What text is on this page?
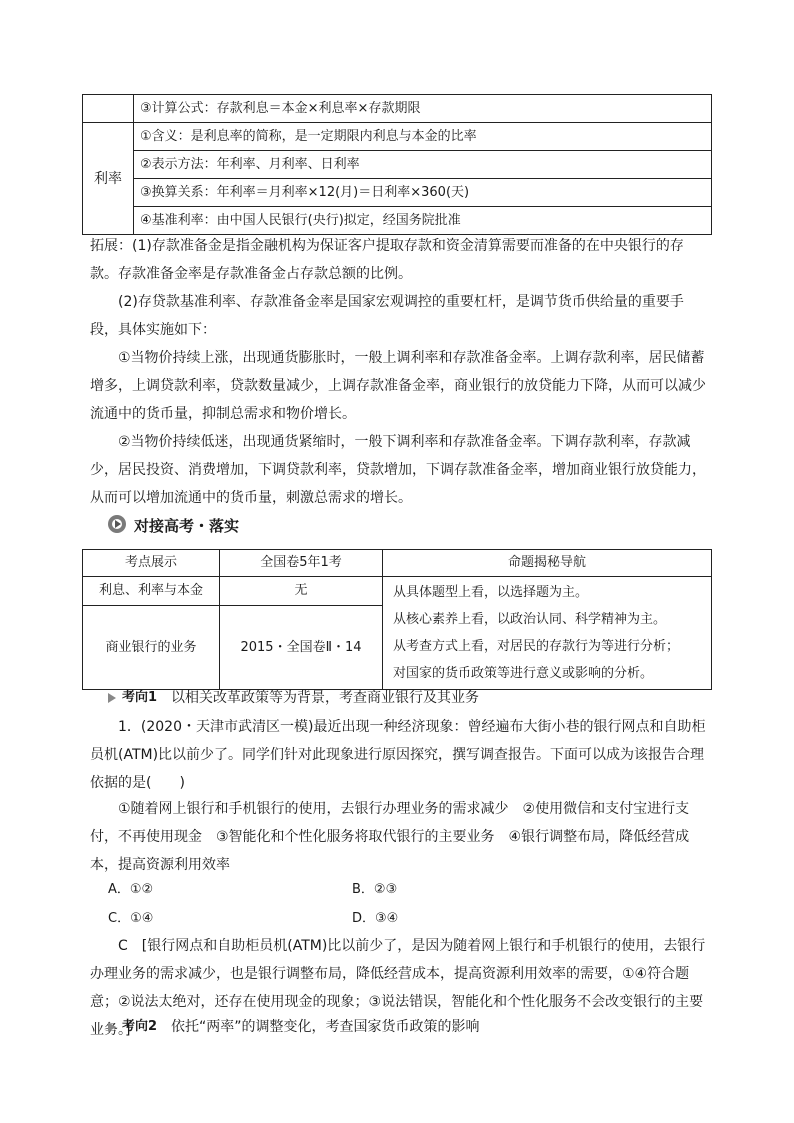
	③计算公式：存款利息＝本金×利息率×存款期限
利率	①含义：是利息率的简称，是一定期限内利息与本金的比率
	②表示方法：年利率、月利率、日利率
	③换算关系：年利率＝月利率×12(月)＝日利率×360(天)
	④基准利率：由中国人民银行(央行)拟定，经国务院批准

拓展：(1)存款准备金是指金融机构为保证客户提取存款和资金清算需要而准备的在中央银行的存款。存款准备金率是存款准备金占存款总额的比例。

(2)存贷款基准利率、存款准备金率是国家宏观调控的重要杠杆，是调节货币供给量的重要手段，具体实施如下：

①当物价持续上涨，出现通货膨胀时，一般上调利率和存款准备金率。上调存款利率，居民储蓄增多，上调贷款利率，贷款数量减少，上调存款准备金率，商业银行的放贷能力下降，从而可以减少流通中的货币量，抑制总需求和物价增长。

②当物价持续低迷，出现通货紧缩时，一般下调利率和存款准备金率。下调存款利率，存款减少，居民投资、消费增加，下调贷款利率，贷款增加，下调存款准备金率，增加商业银行放贷能力，从而可以增加流通中的货币量，刺激总需求的增长。

对接高考・落实
考点展示	全国卷5年1考	命题揭秘导航
利息、利率与本金	无	从具体题型上看，以选择题为主。
从核心素养上看，以政治认同、科学精神为主。
从考查方式上看，对居民的存款行为等进行分析；
对国家的货币政策等进行意义或影响的分析。

商业银行的业务	2015・全国卷Ⅱ・14	
考向1 以相关改革政策等为背景，考查商业银行及其业务

1．(2020・天津市武清区一模)最近出现一种经济现象：曾经遍布大街小巷的银行网点和自助柜员机(ATM)比以前少了。同学们针对此现象进行原因探究，撰写调查报告。下面可以成为该报告合理依据的是(　　)

①随着网上银行和手机银行的使用，去银行办理业务的需求减少　②使用微信和支付宝进行支付，不再使用现金　③智能化和个性化服务将取代银行的主要业务　④银行调整布局，降低经营成本，提高资源利用效率

A．①②	B．②③
C．①④	D．③④

C　[银行网点和自助柜员机(ATM)比以前少了，是因为随着网上银行和手机银行的使用，去银行办理业务的需求减少，也是银行调整布局，降低经营成本，提高资源利用效率的需要，①④符合题意；②说法太绝对，还存在使用现金的现象；③说法错误，智能化和个性化服务不会改变银行的主要业务。]

考向2 依托“两率”的调整变化，考查国家货币政策的影响
